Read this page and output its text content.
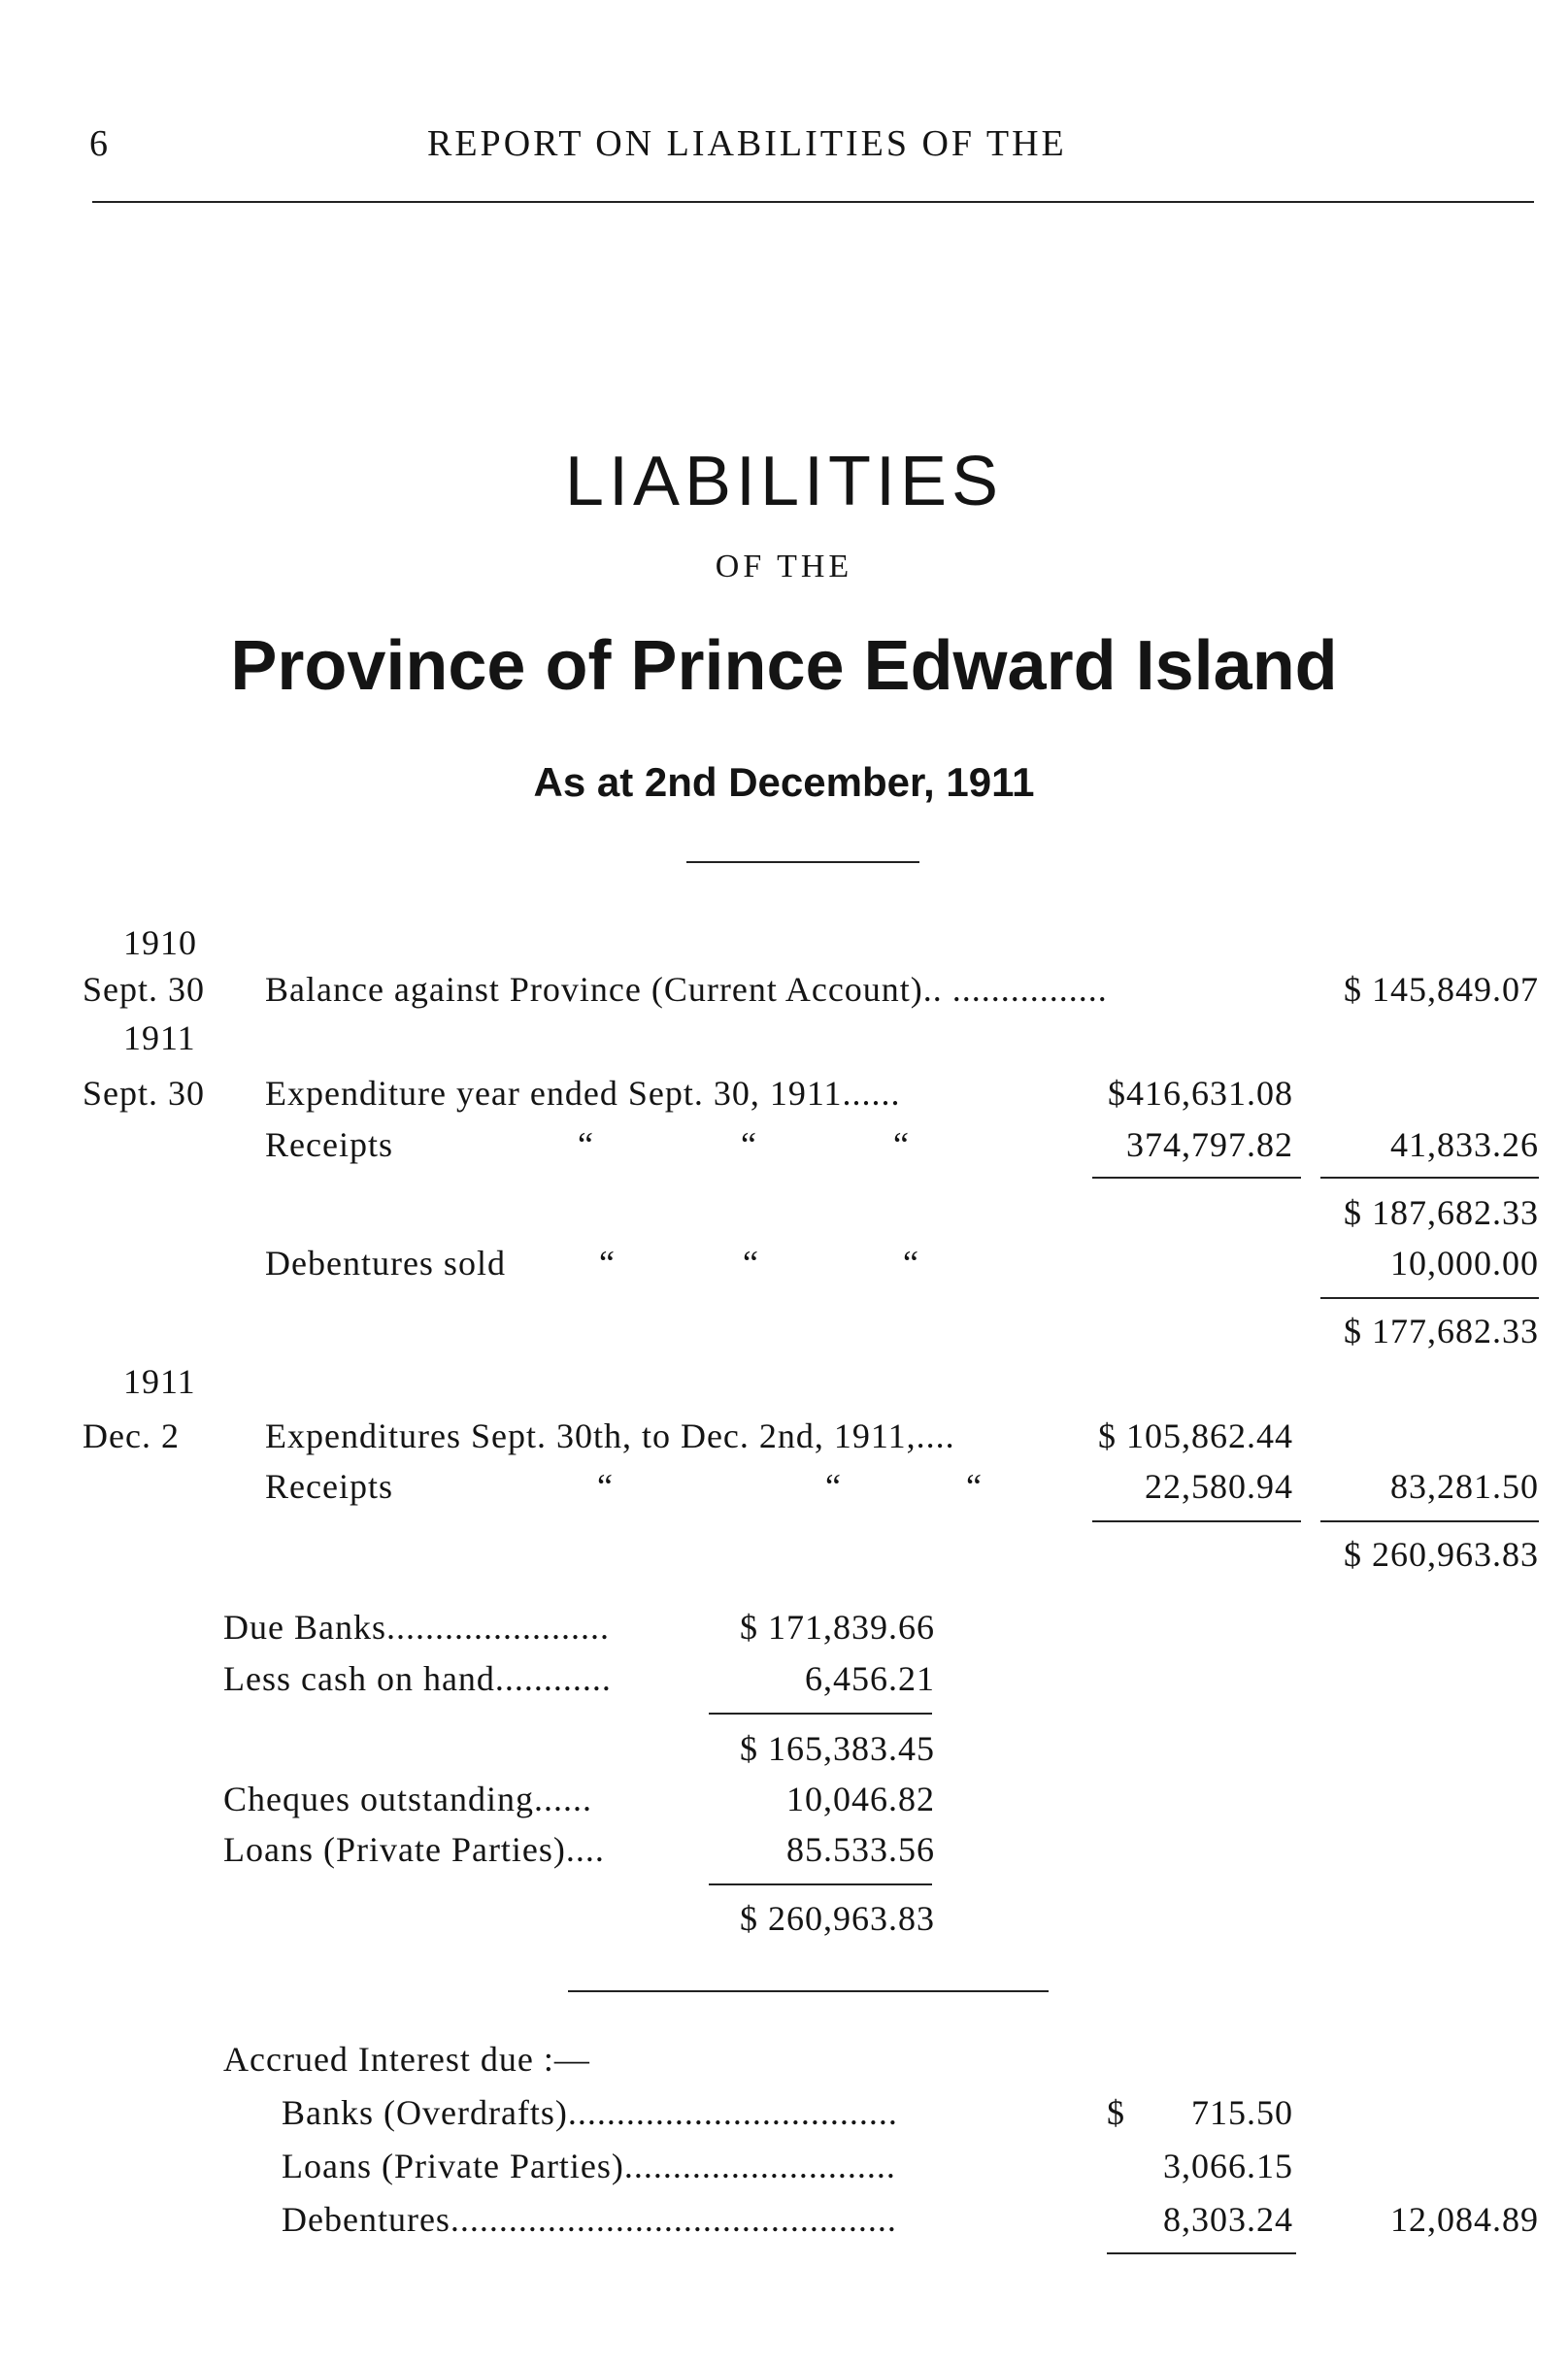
6	REPORT ON LIABILITIES OF THE
LIABILITIES
OF THE
Province of Prince Edward Island
As at 2nd December, 1911
1910
Sept. 30 Balance against Province (Current Account).. ................	$ 145,849.07
1911
Sept. 30 Expenditure year ended Sept. 30, 1911......	$416,631.08
Receipts	“	“	“	374,797.82	41,833.26
$ 187,682.33
Debentures sold	“	“	“	10,000.00
$ 177,682.33
1911
Dec. 2 Expenditures Sept. 30th, to Dec. 2nd, 1911,....	$ 105,862.44
Receipts	“	“	“	22,580.94	83,281.50
$ 260,963.83
Due Banks.......................	$ 171,839.66
Less cash on hand............	6,456.21
$ 165,383.45
Cheques outstanding......	10,046.82
Loans (Private Parties)....	85.533.56
$ 260,963.83
Accrued Interest due :—
Banks (Overdrafts)..................................	$ 715.50
Loans (Private Parties)............................	3,066.15
Debentures..............................................	8,303.24	12,084.89
